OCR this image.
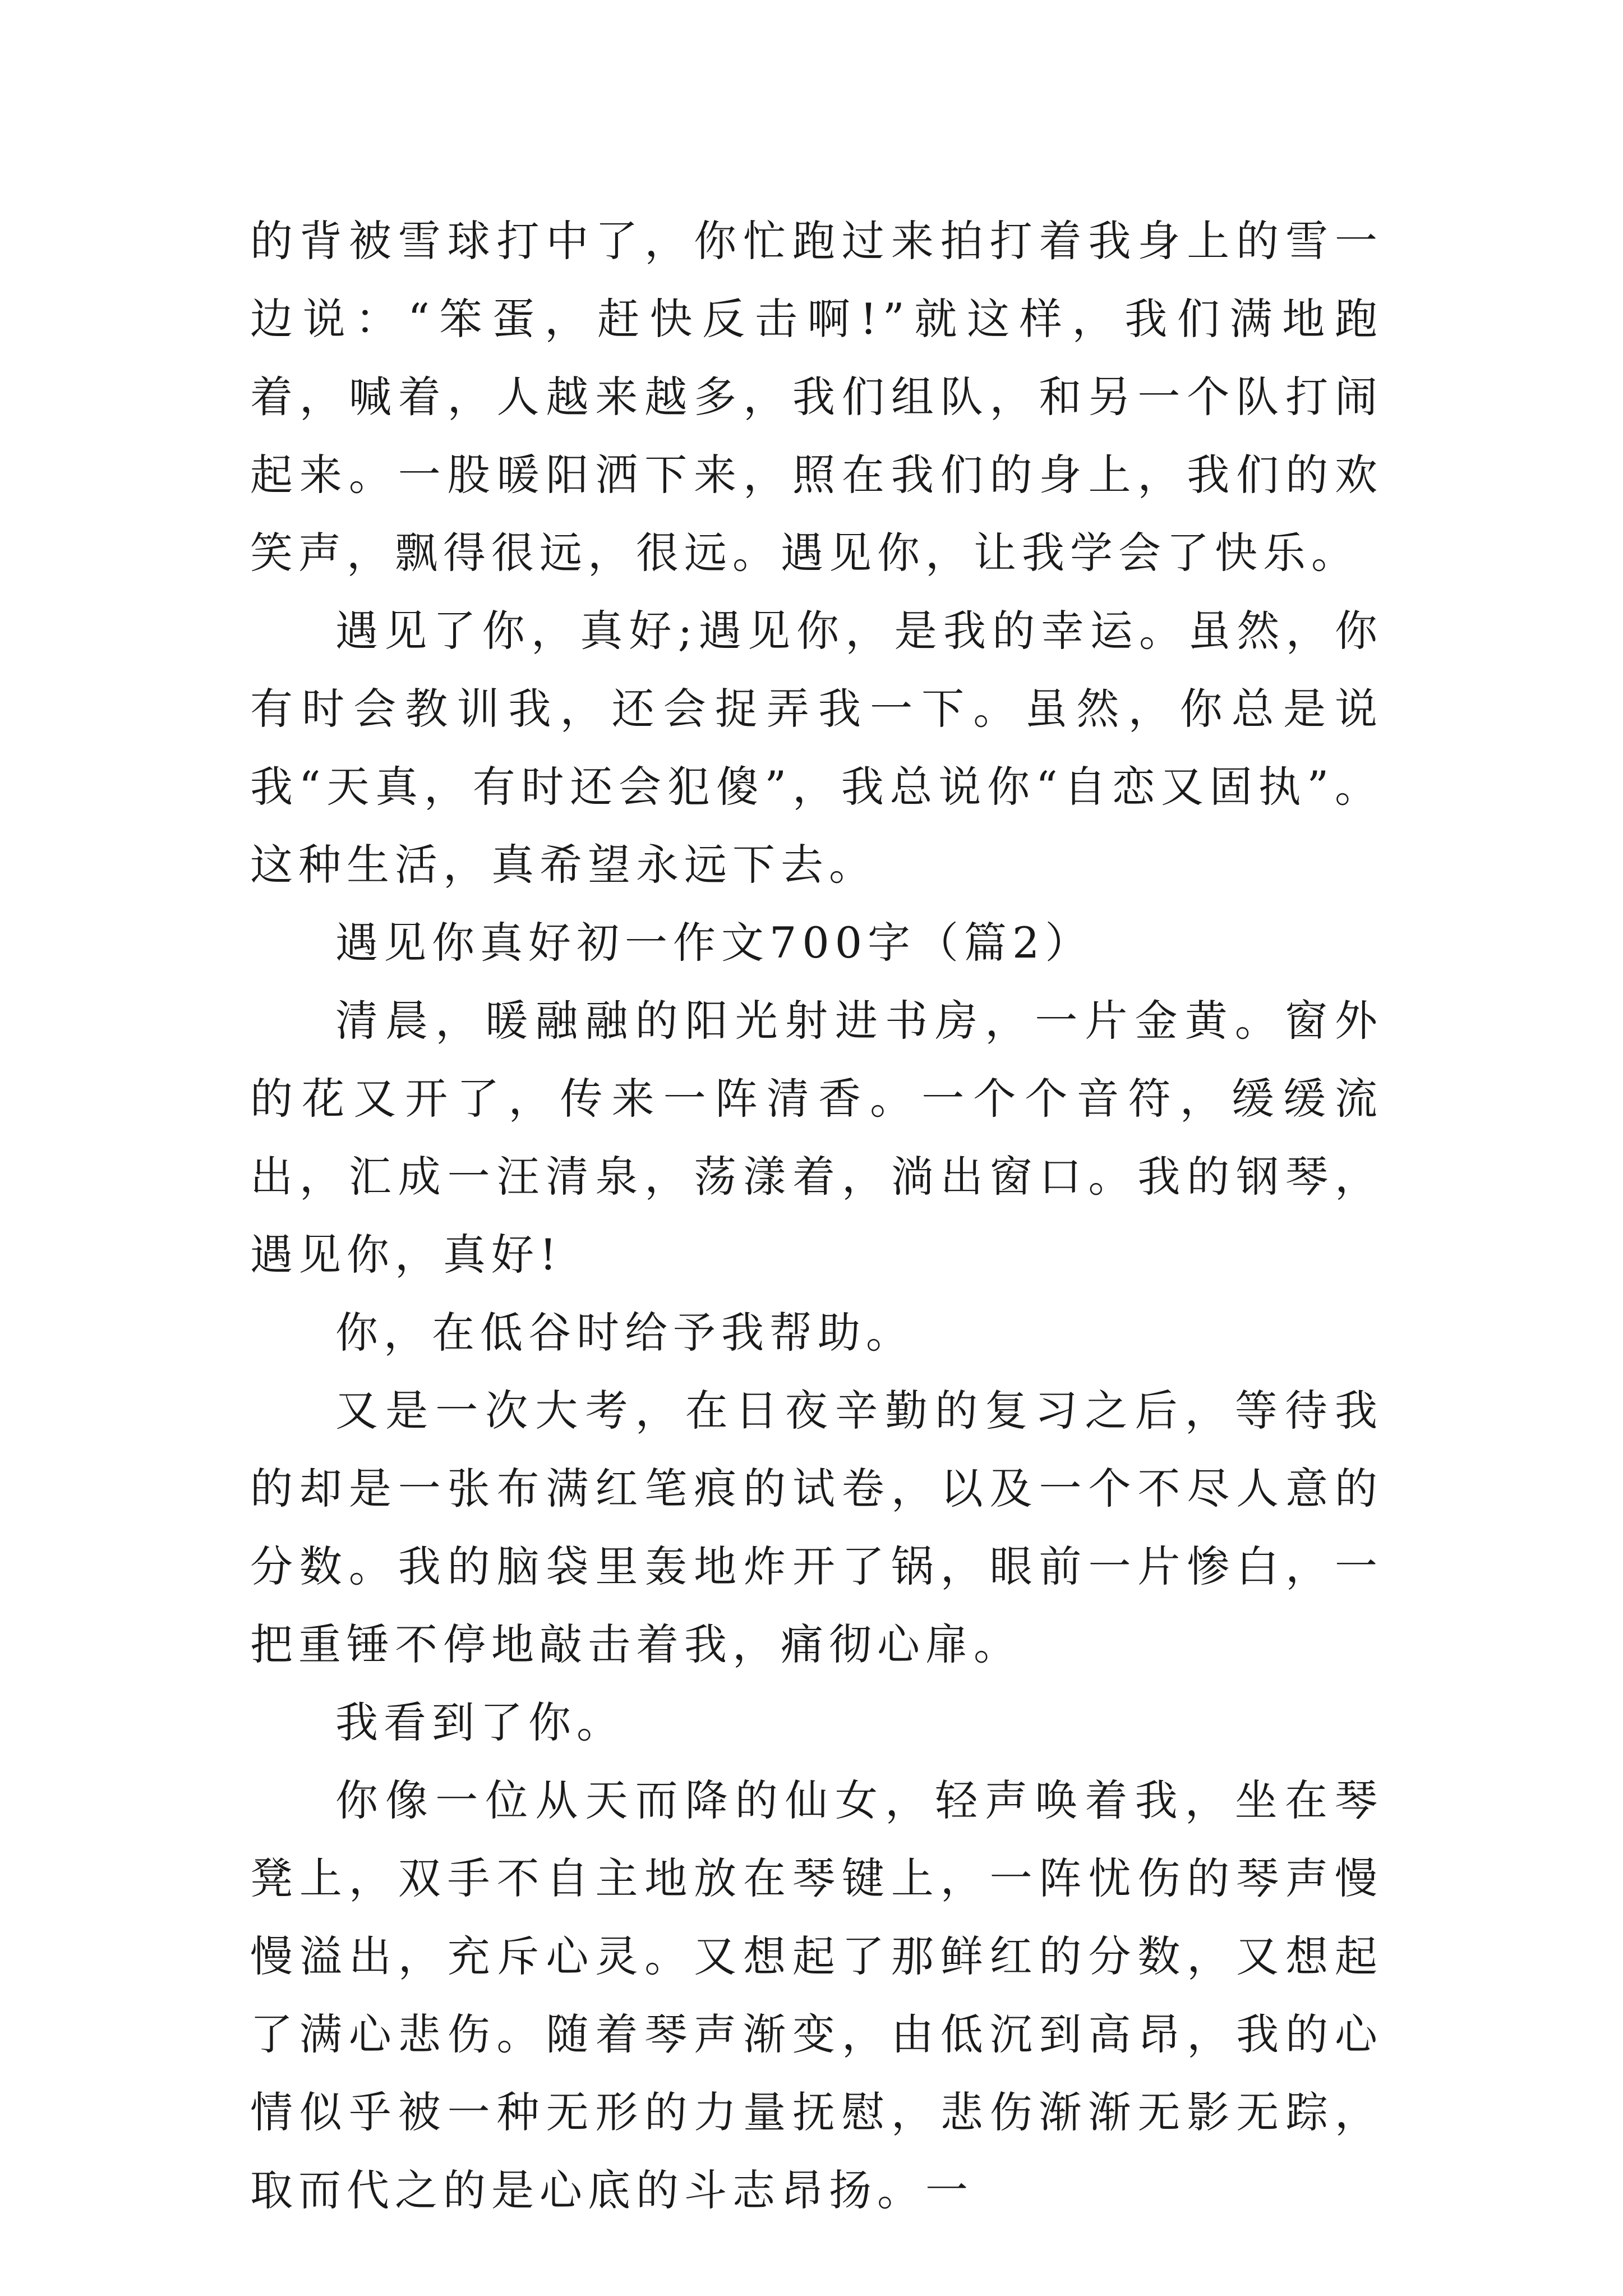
的背被雪球打中了，你忙跑过来拍打着我身上的雪一边说：“笨蛋，赶快反击啊!”就这样，我们满地跑着，喊着，人越来越多，我们组队，和另一个队打闹起来。一股暖阳洒下来，照在我们的身上，我们的欢笑声，飘得很远，很远。遇见你，让我学会了快乐。

遇见了你，真好;遇见你，是我的幸运。虽然，你有时会教训我，还会捉弄我一下。虽然，你总是说我“天真，有时还会犯傻”，我总说你“自恋又固执”。这种生活，真希望永远下去。

遇见你真好初一作文700字（篇2）

清晨，暖融融的阳光射进书房，一片金黄。窗外的花又开了，传来一阵清香。一个个音符，缓缓流出，汇成一汪清泉，荡漾着，淌出窗口。我的钢琴，遇见你，真好!

你，在低谷时给予我帮助。

又是一次大考，在日夜辛勤的复习之后，等待我的却是一张布满红笔痕的试卷，以及一个不尽人意的分数。我的脑袋里轰地炸开了锅，眼前一片惨白，一把重锤不停地敲击着我，痛彻心扉。

我看到了你。

你像一位从天而降的仙女，轻声唤着我，坐在琴凳上，双手不自主地放在琴键上，一阵忧伤的琴声慢慢溢出，充斥心灵。又想起了那鲜红的分数，又想起了满心悲伤。随着琴声渐变，由低沉到高昂，我的心情似乎被一种无形的力量抚慰，悲伤渐渐无影无踪，取而代之的是心底的斗志昂扬。一
